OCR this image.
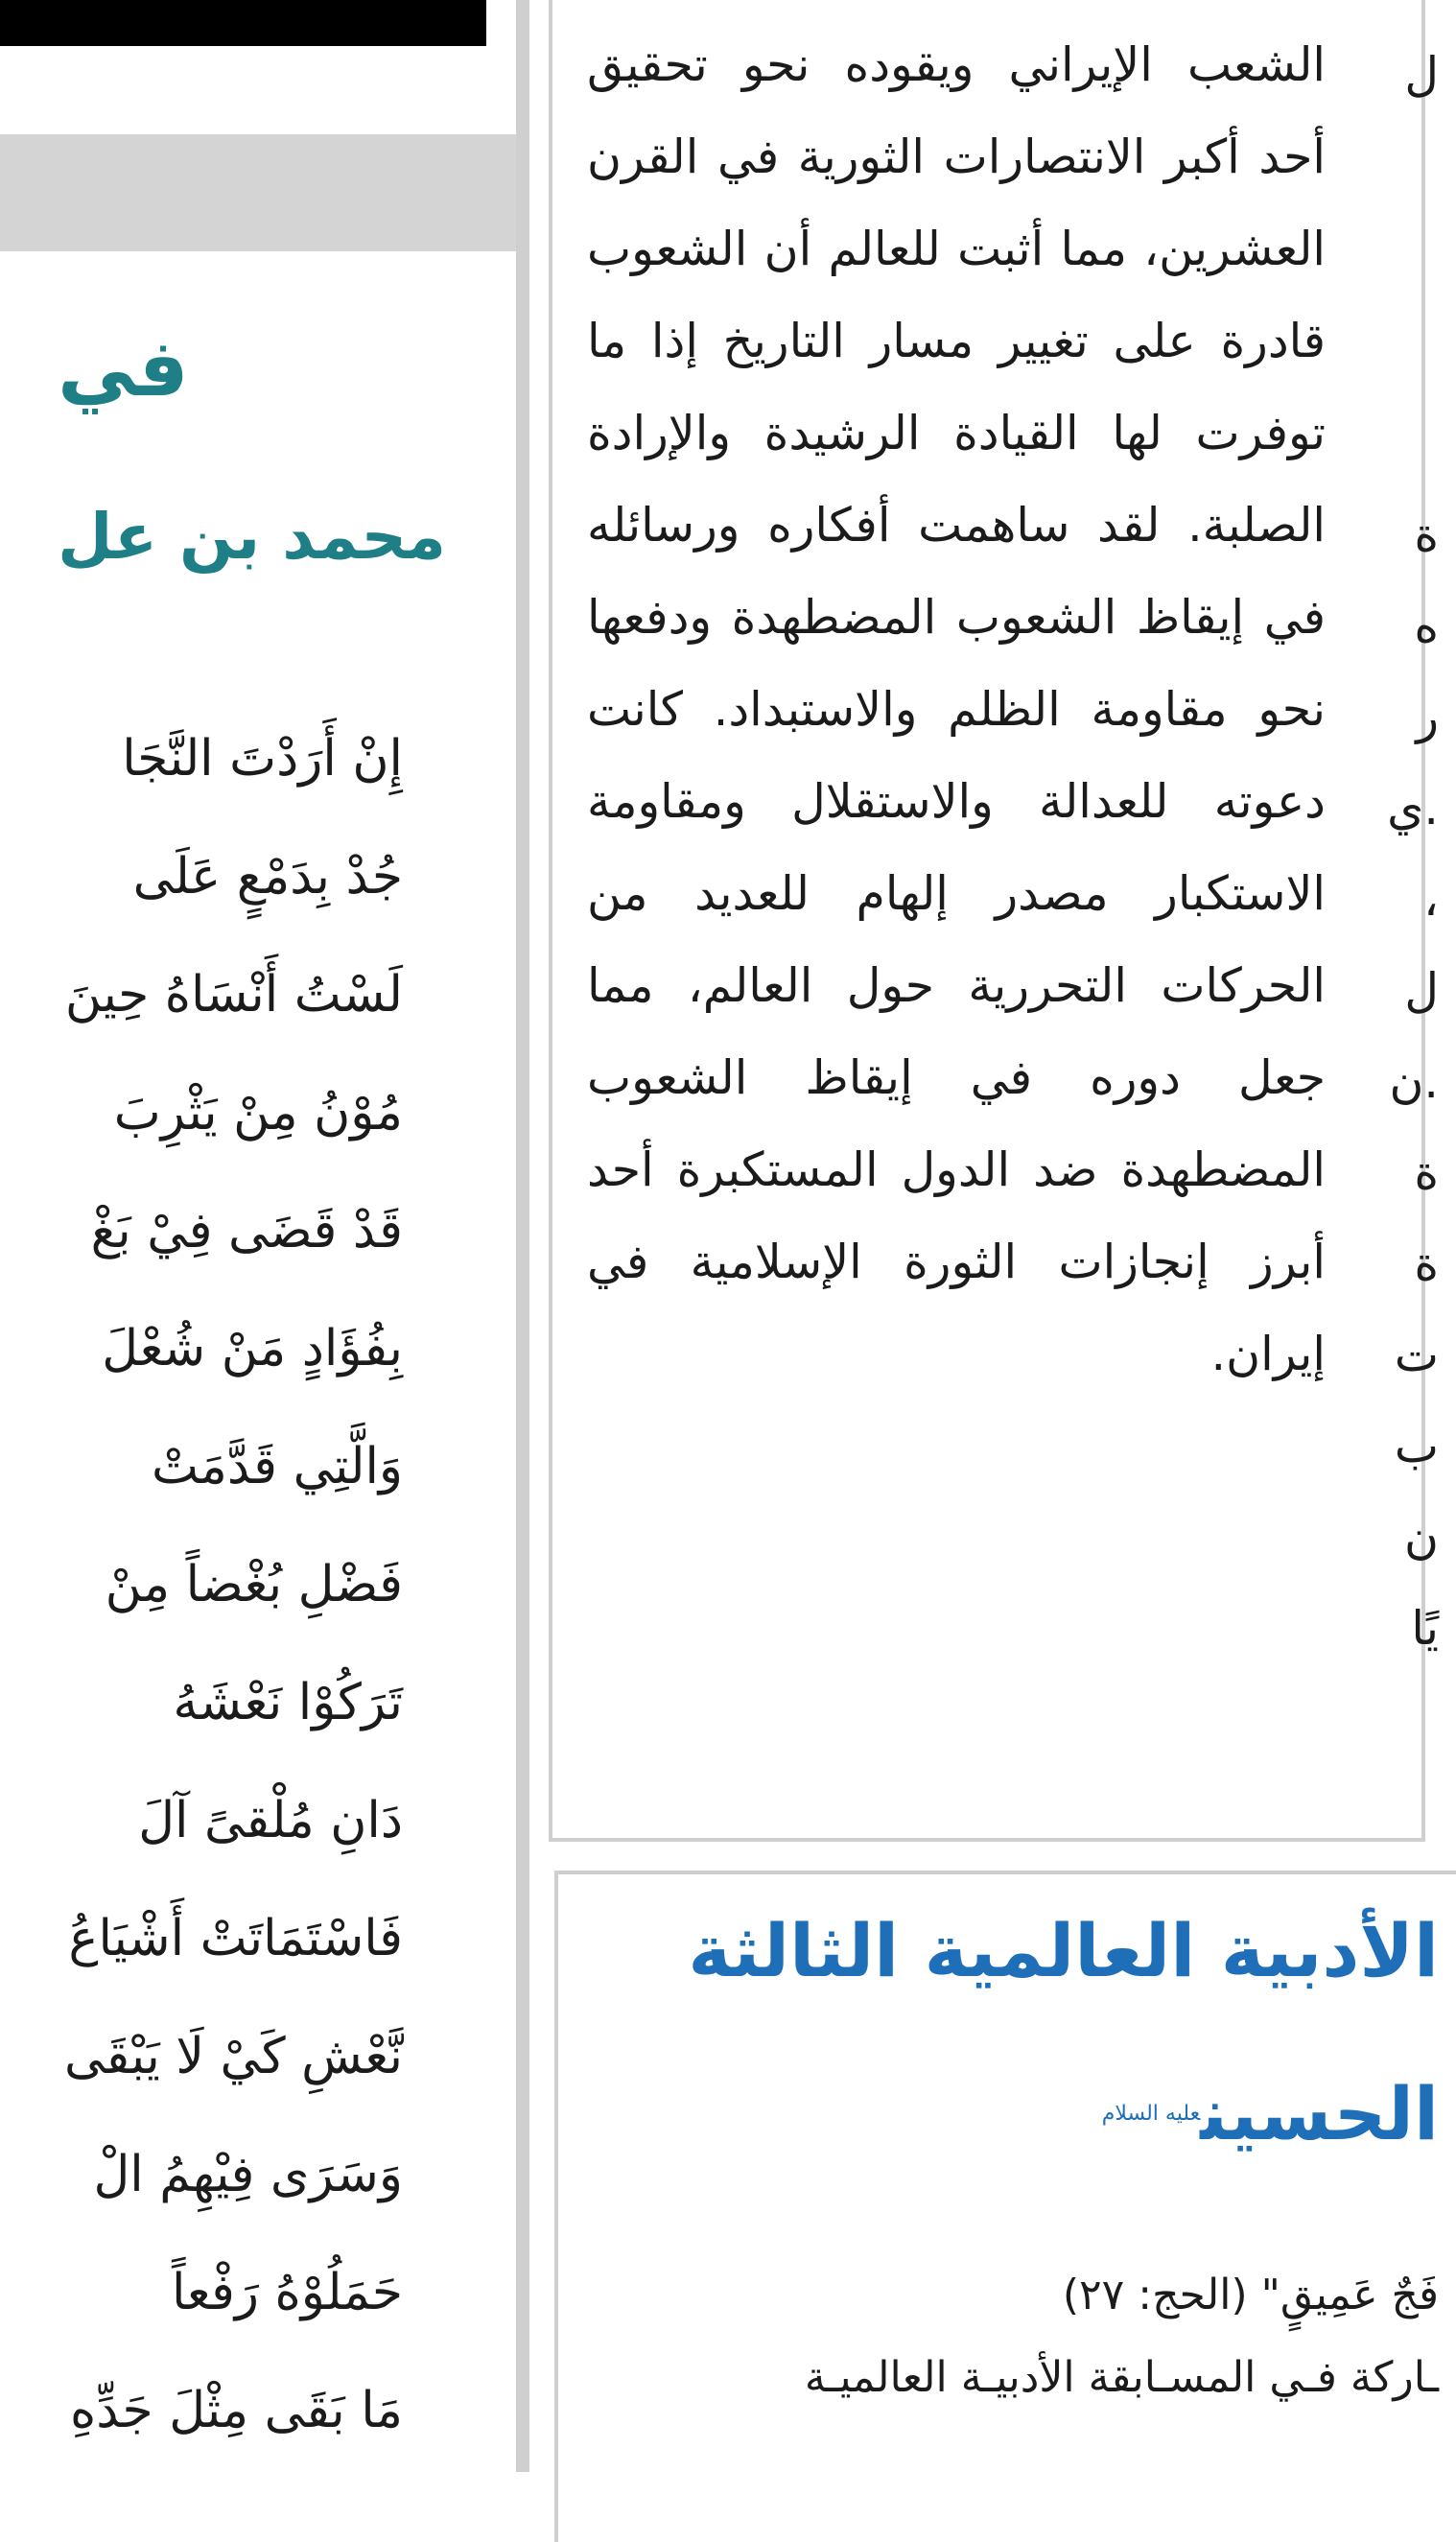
في
محمد بن عل
إِنْ أَرَدْتَ النَّجَا
جُدْ بِدَمْعٍ عَلَى
لَسْتُ أَنْسَاهُ حِينَ
مُوْنُ مِنْ يَثْرِبَ
قَدْ قَضَى فِيْ بَغْ
بِفُؤَادٍ مَنْ شُعْلَ
وَالَّتِي قَدَّمَتْ
فَضْلِ بُغْضاً مِنْ
تَرَكُوْا نَعْشَهُ
دَانِ مُلْقىً آلَ
فَاسْتَمَاتَتْ أَشْيَاعُ
نَّعْشِ كَيْ لَا يَبْقَى
وَسَرَى فِيْهِمُ الْ
حَمَلُوْهُ رَفْعاً
مَا بَقَى مِثْلَ جَدِّهِ

الشعب الإيراني ويقوده نحو تحقيق أحد أكبر الانتصارات الثورية في القرن العشرين، مما أثبت للعالم أن الشعوب قادرة على تغيير مسار التاريخ إذا ما توفرت لها القيادة الرشيدة والإرادة الصلبة. لقد ساهمت أفكاره ورسائله في إيقاظ الشعوب المضطهدة ودفعها نحو مقاومة الظلم والاستبداد. كانت دعوته للعدالة والاستقلال ومقاومة الاستكبار مصدر إلهام للعديد من الحركات التحررية حول العالم، مما جعل دوره في إيقاظ الشعوب المضطهدة ضد الدول المستكبرة أحد أبرز إنجازات الثورة الإسلامية في إيران.

ل
ة
ه
ر
ي.
،
ل
ن.
ة
ة
ت
ب
ن
يًا
الأدبية العالمية الثالثة
الحسين$^{عليه السلام}$
فَجٌ عَمِيقٍ" (الحج: ٢٧)
ـاركة فـي المسـابقة الأدبيـة العالميـة
